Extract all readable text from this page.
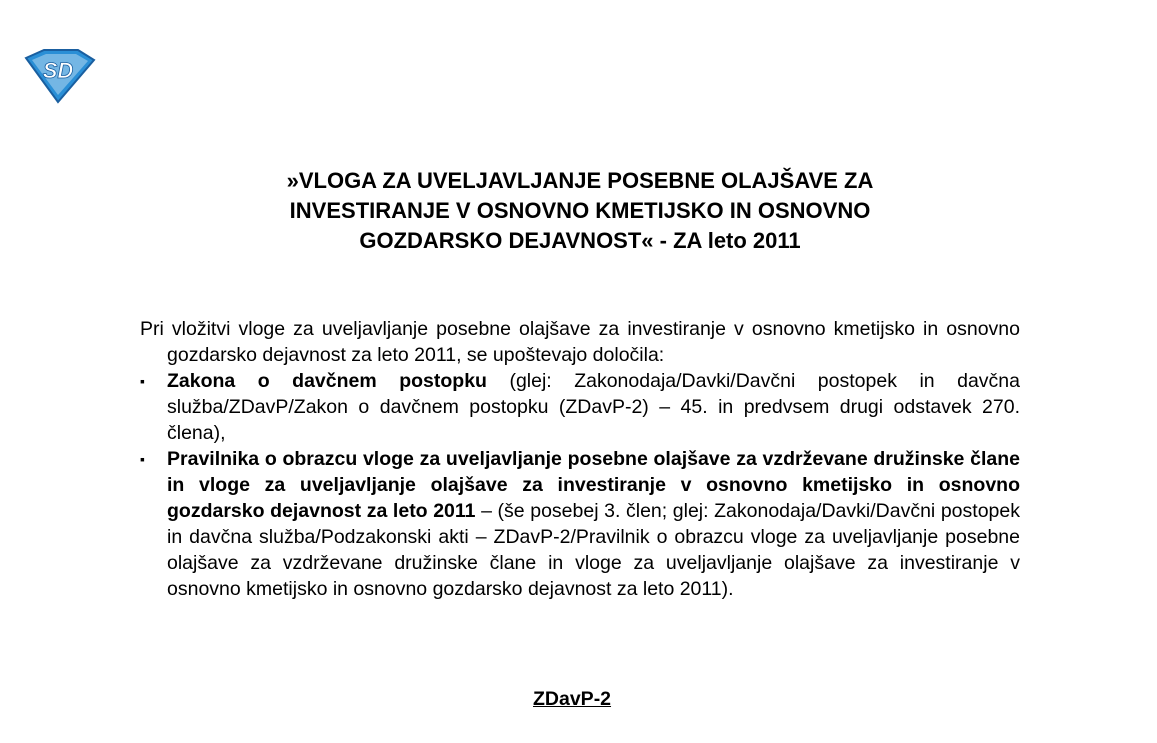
SD
»VLOGA ZA UVELJAVLJANJE POSEBNE OLAJŠAVE ZA
INVESTIRANJE V OSNOVNO KMETIJSKO IN OSNOVNO
GOZDARSKO DEJAVNOST« - ZA leto 2011

Pri vložitvi vloge za uveljavljanje posebne olajšave za investiranje v osnovno kmetijsko in osnovno gozdarsko dejavnost za leto 2011, se upoštevajo določila:

▪	Zakona o davčnem postopku (glej: Zakonodaja/Davki/Davčni postopek in davčna služba/ZDavP/Zakon o davčnem postopku (ZDavP-2) – 45. in predvsem drugi odstavek 270. člena),
▪	Pravilnika o obrazcu vloge za uveljavljanje posebne olajšave za vzdrževane družinske člane in vloge za uveljavljanje olajšave za investiranje v osnovno kmetijsko in osnovno gozdarsko dejavnost za leto 2011 – (še posebej 3. člen; glej: Zakonodaja/Davki/Davčni postopek in davčna služba/Podzakonski akti – ZDavP-2/Pravilnik o obrazcu vloge za uveljavljanje posebne olajšave za vzdrževane družinske člane in vloge za uveljavljanje olajšave za investiranje v osnovno kmetijsko in osnovno gozdarsko dejavnost za leto 2011).
ZDavP-2
